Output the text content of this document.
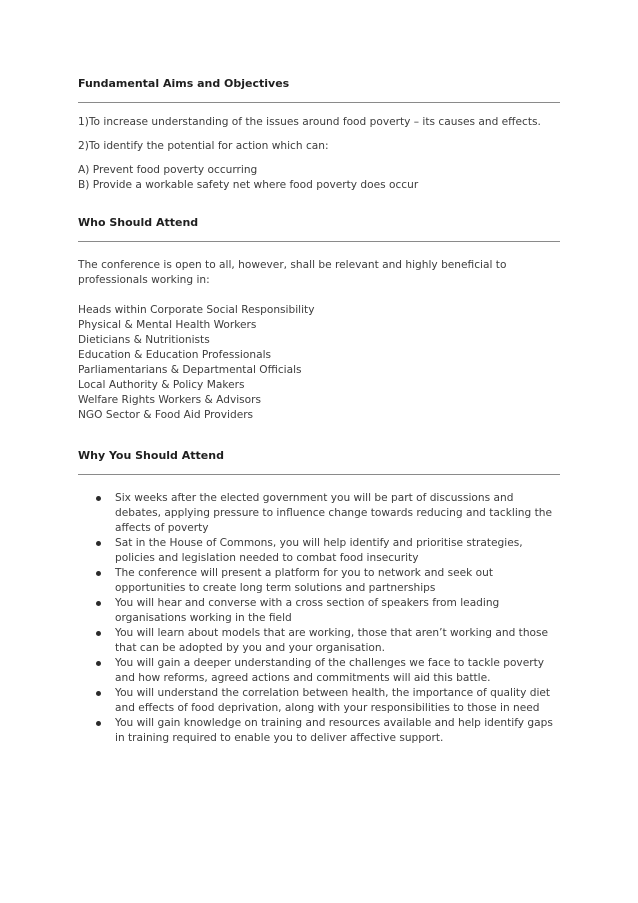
Fundamental Aims and Objectives

1)To increase understanding of the issues around food poverty – its causes and effects.

2)To identify the potential for action which can:

A) Prevent food poverty occurring

B) Provide a workable safety net where food poverty does occur

Who Should Attend

The conference is open to all, however, shall be relevant and highly beneficial to professionals working in:

Heads within Corporate Social Responsibility
Physical & Mental Health Workers
Dieticians & Nutritionists
Education & Education Professionals
Parliamentarians & Departmental Officials
Local Authority & Policy Makers
Welfare Rights Workers & Advisors
NGO Sector & Food Aid Providers
Why You Should Attend
Six weeks after the elected government you will be part of discussions and debates, applying pressure to influence change towards reducing and tackling the affects of poverty
Sat in the House of Commons, you will help identify and prioritise strategies, policies and legislation needed to combat food insecurity
The conference will present a platform for you to network and seek out opportunities to create long term solutions and partnerships
You will hear and converse with a cross section of speakers from leading organisations working in the field
You will learn about models that are working, those that aren’t working and those that can be adopted by you and your organisation.
You will gain a deeper understanding of the challenges we face to tackle poverty and how reforms, agreed actions and commitments will aid this battle.
You will understand the correlation between health, the importance of quality diet and effects of food deprivation, along with your responsibilities to those in need
You will gain knowledge on training and resources available and help identify gaps in training required to enable you to deliver affective support.
